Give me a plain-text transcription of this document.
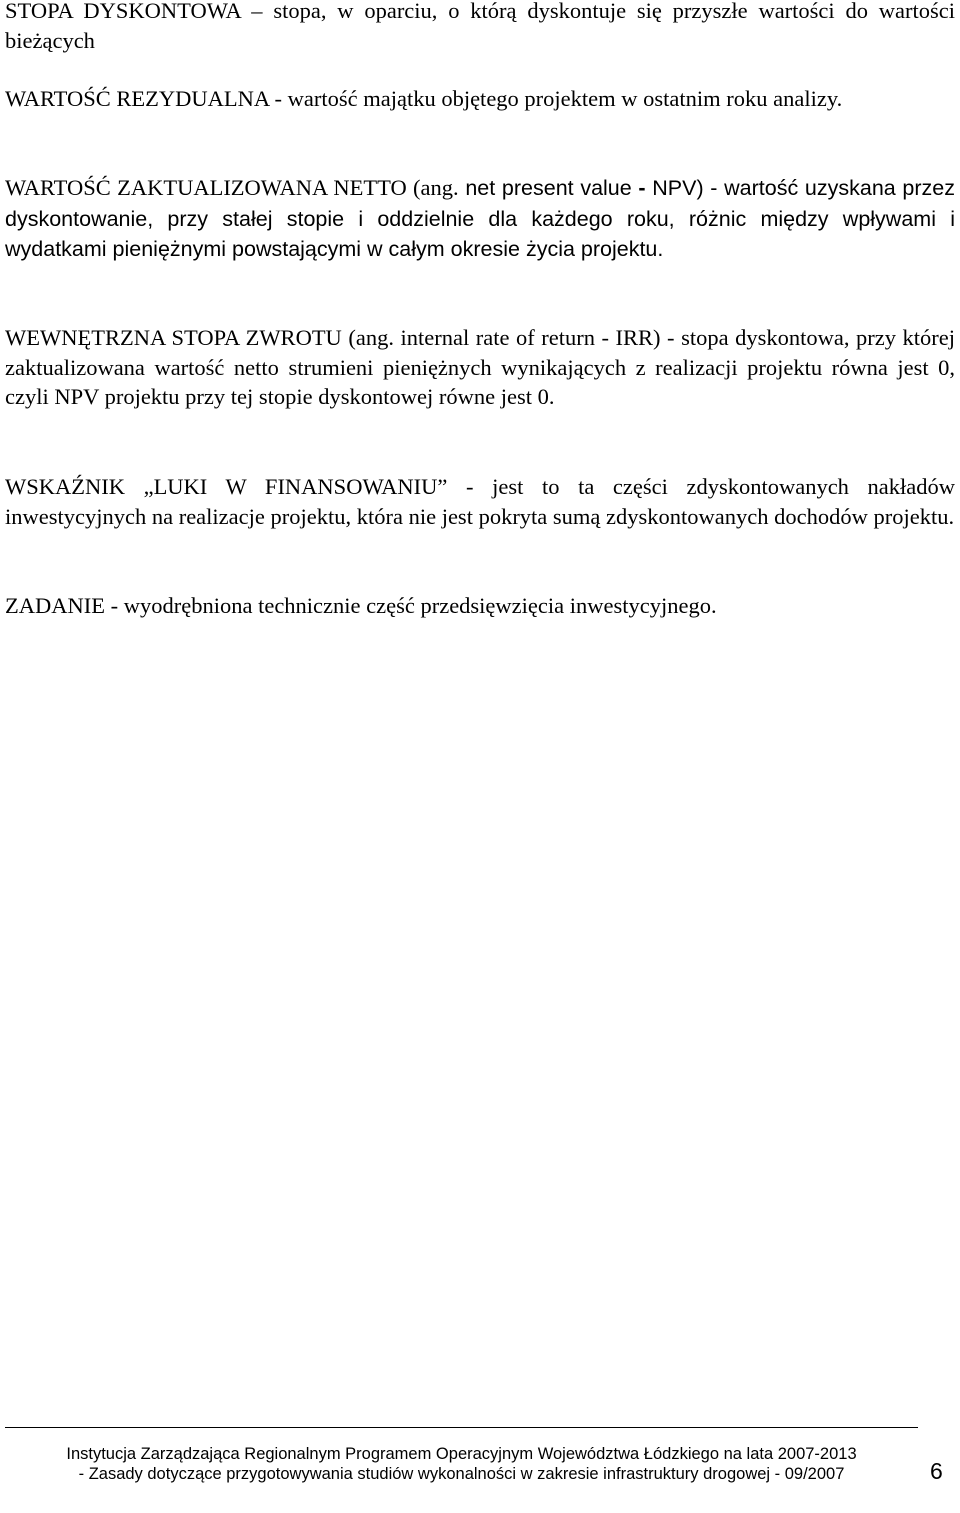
STOPA DYSKONTOWA – stopa, w oparciu, o którą dyskontuje się przyszłe wartości do wartości bieżących

WARTOŚĆ REZYDUALNA - wartość majątku objętego projektem w ostatnim roku analizy.

WARTOŚĆ ZAKTUALIZOWANA NETTO (ang. net present value - NPV) - wartość uzyskana przez dyskontowanie, przy stałej stopie i oddzielnie dla każdego roku, różnic między wpływami i wydatkami pieniężnymi powstającymi w całym okresie życia projektu.

WEWNĘTRZNA STOPA ZWROTU (ang. internal rate of return - IRR) - stopa dyskontowa, przy której zaktualizowana wartość netto strumieni pieniężnych wynikających z realizacji projektu równa jest 0, czyli NPV projektu przy tej stopie dyskontowej równe jest 0.

WSKAŹNIK „LUKI W FINANSOWANIU” - jest to ta części zdyskontowanych nakładów inwestycyjnych na realizacje projektu, która nie jest pokryta sumą zdyskontowanych dochodów projektu.

ZADANIE - wyodrębniona technicznie część przedsięwzięcia inwestycyjnego.

Instytucja Zarządzająca Regionalnym Programem Operacyjnym Województwa Łódzkiego na lata 2007-2013
- Zasady dotyczące przygotowywania studiów wykonalności w zakresie infrastruktury drogowej - 09/2007	6
